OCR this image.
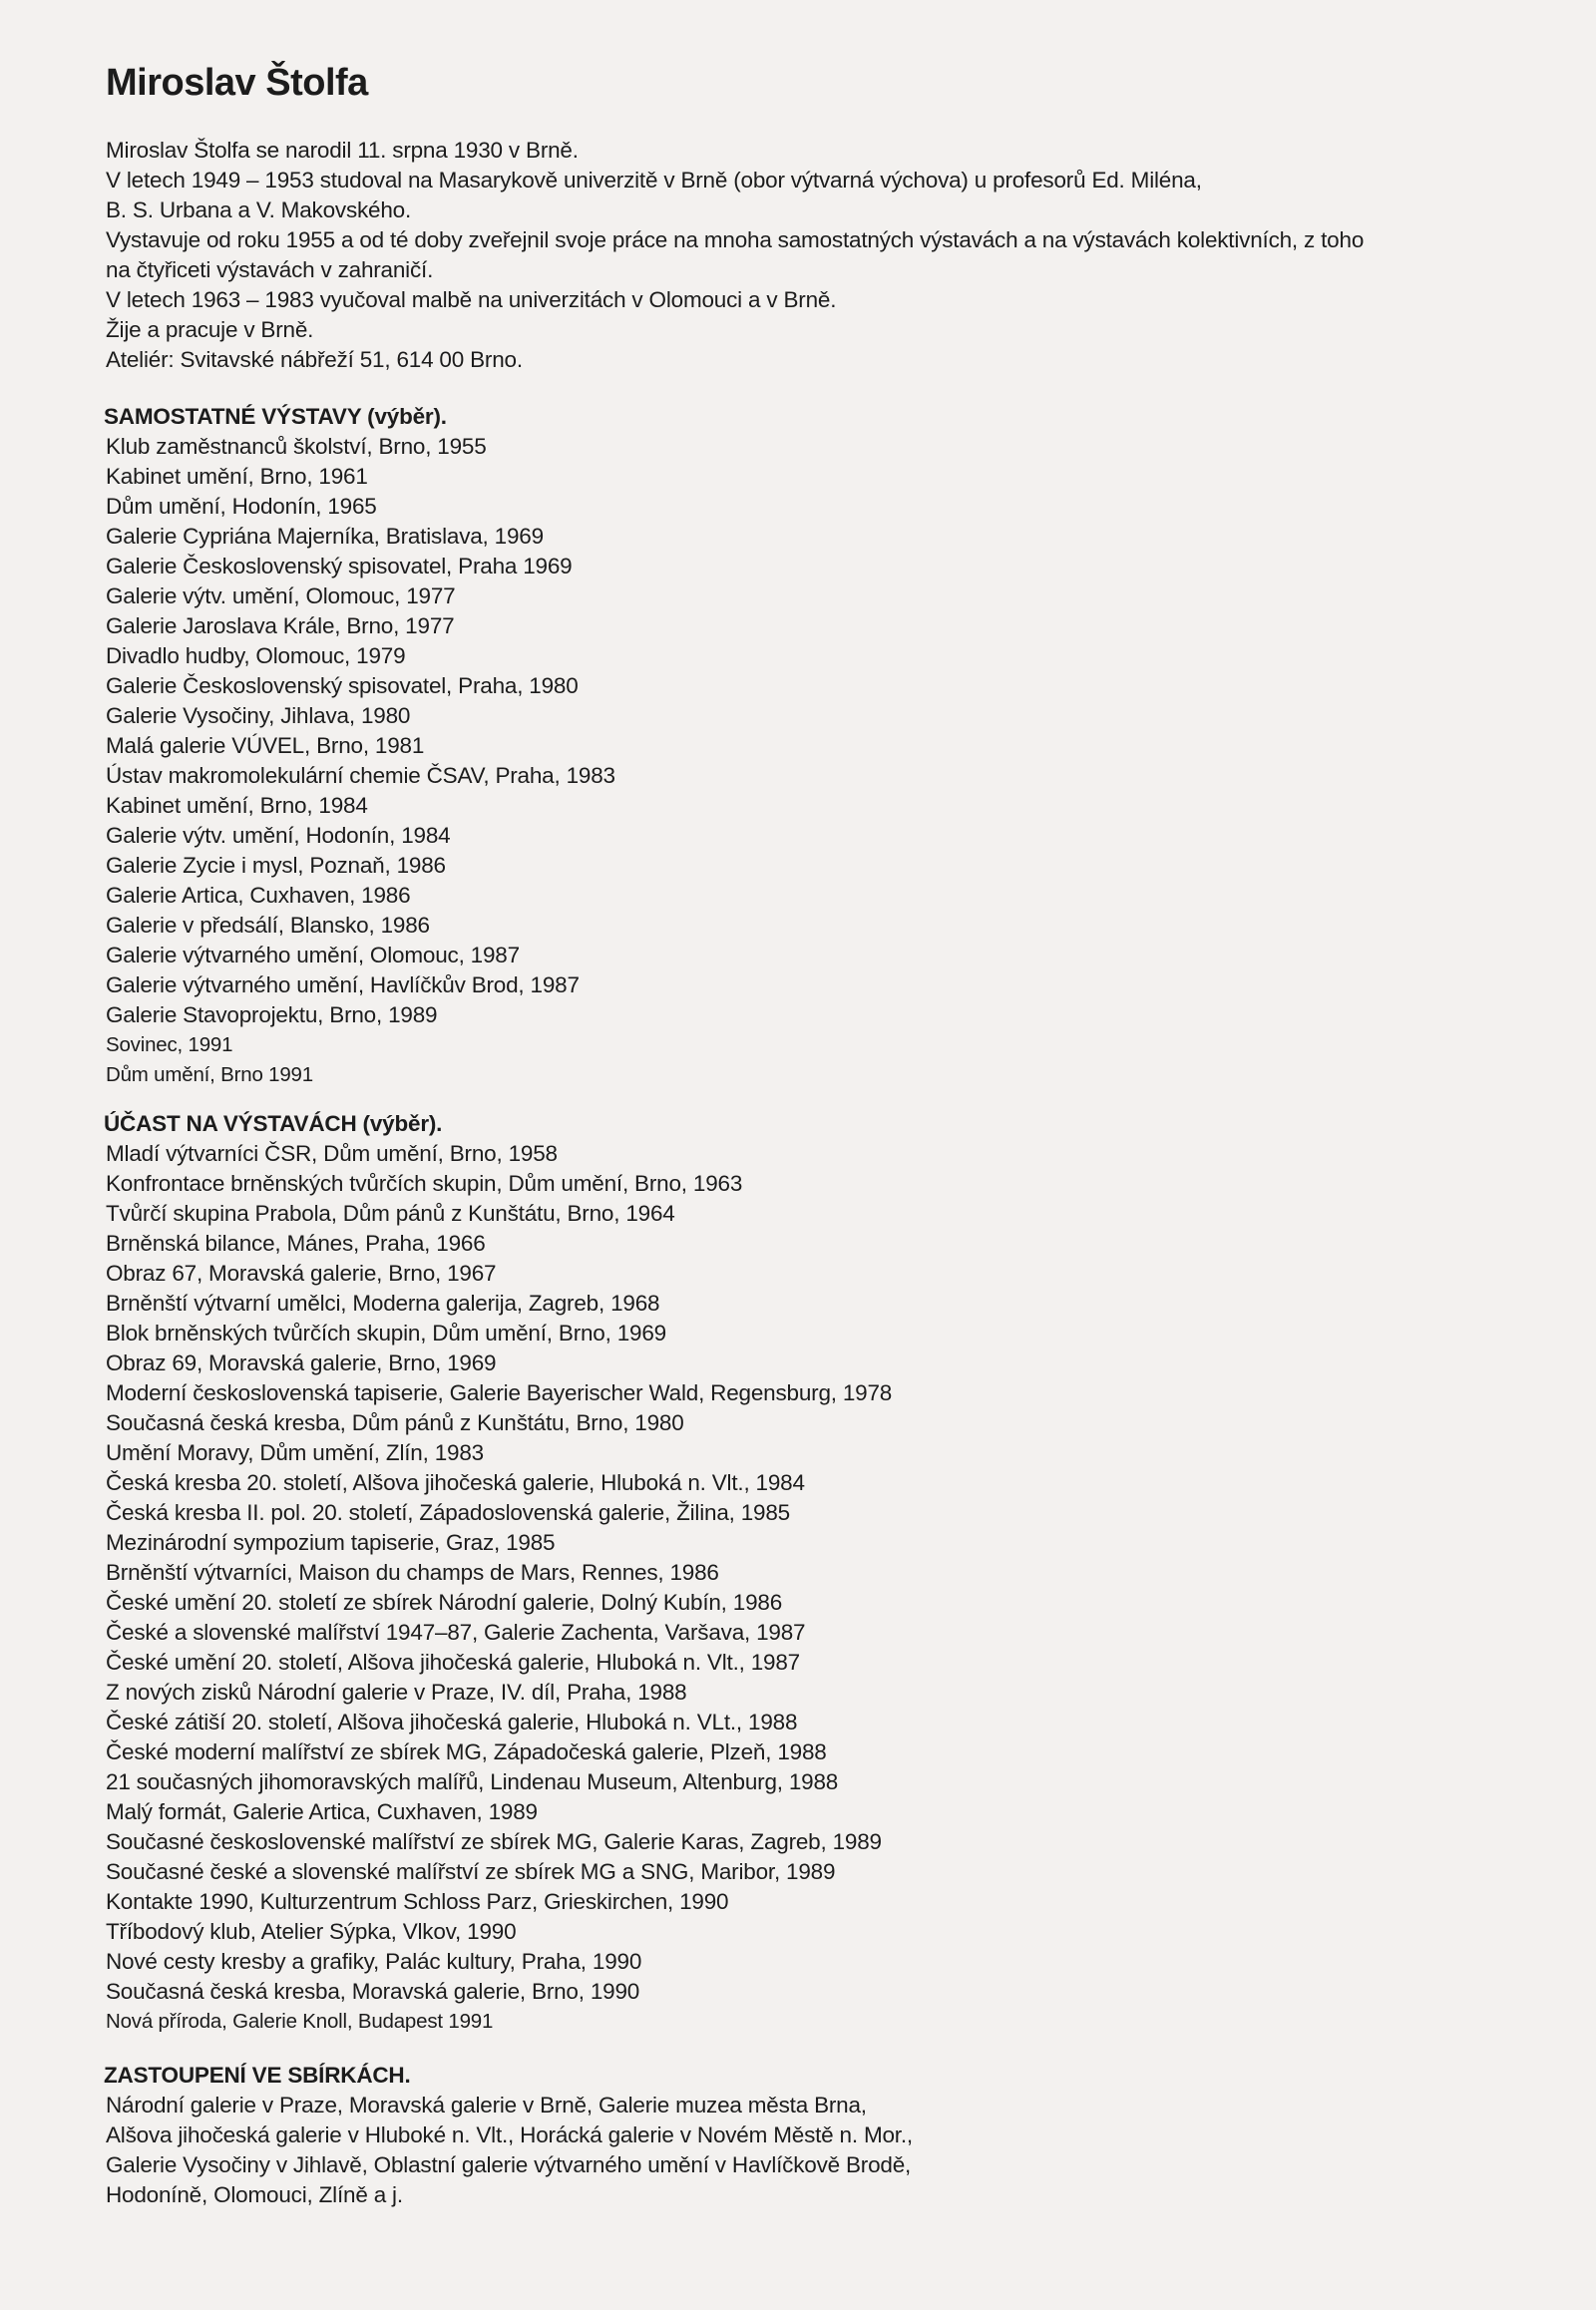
Miroslav Štolfa
Miroslav Štolfa se narodil 11. srpna 1930 v Brně.
V letech 1949 – 1953 studoval na Masarykově univerzitě v Brně (obor výtvarná výchova) u profesorů Ed. Miléna,
B. S. Urbana a V. Makovského.
Vystavuje od roku 1955 a od té doby zveřejnil svoje práce na mnoha samostatných výstavách a na výstavách kolektivních, z toho
na čtyřiceti výstavách v zahraničí.
V letech 1963 – 1983 vyučoval malbě na univerzitách v Olomouci a v Brně.
Žije a pracuje v Brně.
Ateliér: Svitavské nábřeží 51, 614 00 Brno.
SAMOSTATNÉ VÝSTAVY (výběr).
Klub zaměstnanců školství, Brno, 1955
Kabinet umění, Brno, 1961
Dům umění, Hodonín, 1965
Galerie Cypriána Majerníka, Bratislava, 1969
Galerie Československý spisovatel, Praha 1969
Galerie výtv. umění, Olomouc, 1977
Galerie Jaroslava Krále, Brno, 1977
Divadlo hudby, Olomouc, 1979
Galerie Československý spisovatel, Praha, 1980
Galerie Vysočiny, Jihlava, 1980
Malá galerie VÚVEL, Brno, 1981
Ústav makromolekulární chemie ČSAV, Praha, 1983
Kabinet umění, Brno, 1984
Galerie výtv. umění, Hodonín, 1984
Galerie Zycie i mysl, Poznaň, 1986
Galerie Artica, Cuxhaven, 1986
Galerie v předsálí, Blansko, 1986
Galerie výtvarného umění, Olomouc, 1987
Galerie výtvarného umění, Havlíčkův Brod, 1987
Galerie Stavoprojektu, Brno, 1989
Sovinec, 1991
Dům umění, Brno 1991
ÚČAST NA VÝSTAVÁCH (výběr).
Mladí výtvarníci ČSR, Dům umění, Brno, 1958
Konfrontace brněnských tvůrčích skupin, Dům umění, Brno, 1963
Tvůrčí skupina Prabola, Dům pánů z Kunštátu, Brno, 1964
Brněnská bilance, Mánes, Praha, 1966
Obraz 67, Moravská galerie, Brno, 1967
Brněnští výtvarní umělci, Moderna galerija, Zagreb, 1968
Blok brněnských tvůrčích skupin, Dům umění, Brno, 1969
Obraz 69, Moravská galerie, Brno, 1969
Moderní československá tapiserie, Galerie Bayerischer Wald, Regensburg, 1978
Současná česká kresba, Dům pánů z Kunštátu, Brno, 1980
Umění Moravy, Dům umění, Zlín, 1983
Česká kresba 20. století, Alšova jihočeská galerie, Hluboká n. Vlt., 1984
Česká kresba II. pol. 20. století, Západoslovenská galerie, Žilina, 1985
Mezinárodní sympozium tapiserie, Graz, 1985
Brněnští výtvarníci, Maison du champs de Mars, Rennes, 1986
České umění 20. století ze sbírek Národní galerie, Dolný Kubín, 1986
České a slovenské malířství 1947–87, Galerie Zachenta, Varšava, 1987
České umění 20. století, Alšova jihočeská galerie, Hluboká n. Vlt., 1987
Z nových zisků Národní galerie v Praze, IV. díl, Praha, 1988
České zátiší 20. století, Alšova jihočeská galerie, Hluboká n. VLt., 1988
České moderní malířství ze sbírek MG, Západočeská galerie, Plzeň, 1988
21 současných jihomoravských malířů, Lindenau Museum, Altenburg, 1988
Malý formát, Galerie Artica, Cuxhaven, 1989
Současné československé malířství ze sbírek MG, Galerie Karas, Zagreb, 1989
Současné české a slovenské malířství ze sbírek MG a SNG, Maribor, 1989
Kontakte 1990, Kulturzentrum Schloss Parz, Grieskirchen, 1990
Tříbodový klub, Atelier Sýpka, Vlkov, 1990
Nové cesty kresby a grafiky, Palác kultury, Praha, 1990
Současná česká kresba, Moravská galerie, Brno, 1990
Nová příroda, Galerie Knoll, Budapest 1991
ZASTOUPENÍ VE SBÍRKÁCH.
Národní galerie v Praze, Moravská galerie v Brně, Galerie muzea města Brna,
Alšova jihočeská galerie v Hluboké n. Vlt., Horácká galerie v Novém Městě n. Mor.,
Galerie Vysočiny v Jihlavě, Oblastní galerie výtvarného umění v Havlíčkově Brodě,
Hodoníně, Olomouci, Zlíně a j.
